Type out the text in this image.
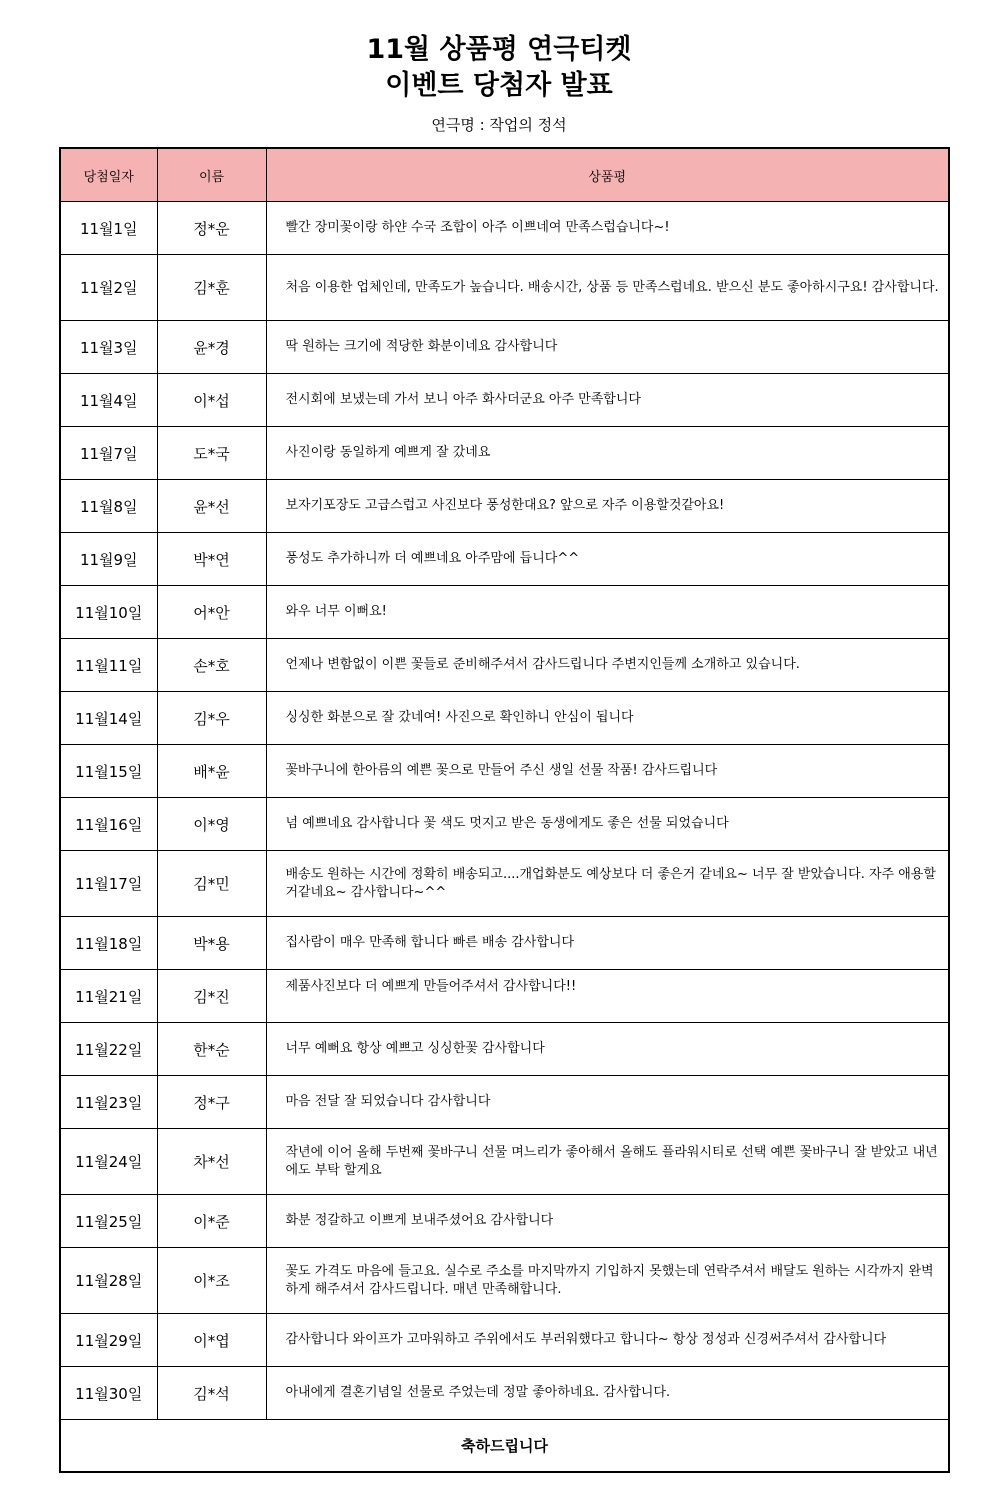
11월 상품평 연극티켓
이벤트 당첨자 발표
연극명 : 작업의 정석
당첨일자	이름	상품평
11월1일	정*운	빨간 장미꽃이랑 하얀 수국 조합이 아주 이쁘네여 만족스럽습니다~!
11월2일	김*훈	처음 이용한 업체인데, 만족도가 높습니다. 배송시간, 상품 등 만족스럽네요. 받으신 분도 좋아하시구요! 감사합니다.
11월3일	윤*경	딱 원하는 크기에 적당한 화분이네요 감사합니다
11월4일	이*섭	전시회에 보냈는데 가서 보니 아주 화사더군요 아주 만족합니다
11월7일	도*국	사진이랑 동일하게 예쁘게 잘 갔네요
11월8일	윤*선	보자기포장도 고급스럽고 사진보다 풍성한대요? 앞으로 자주 이용할것같아요!
11월9일	박*연	풍성도 추가하니까 더 예쁘네요 아주맘에 듭니다^^
11월10일	어*안	와우 너무 이뻐요!
11월11일	손*호	언제나 변함없이 이쁜 꽃들로 준비해주셔서 감사드립니다 주변지인들께 소개하고 있습니다.
11월14일	김*우	싱싱한 화분으로 잘 갔네여! 사진으로 확인하니 안심이 됩니다
11월15일	배*윤	꽃바구니에 한아름의 예쁜 꽃으로 만들어 주신 생일 선물 작품! 감사드립니다
11월16일	이*영	넘 예쁘네요 감사합니다 꽃 색도 멋지고 받은 동생에게도 좋은 선물 되었습니다
11월17일	김*민	배송도 원하는 시간에 정확히 배송되고....개업화분도 예상보다 더 좋은거 같네요~ 너무 잘 받았습니다. 자주 애용할거같네요~ 감사합니다~^^
11월18일	박*용	집사람이 매우 만족해 합니다 빠른 배송 감사합니다
11월21일	김*진	제품사진보다 더 예쁘게 만들어주셔서 감사합니다!!
11월22일	한*순	너무 예뻐요 항상 예쁘고 싱싱한꽃 감사합니다
11월23일	정*구	마음 전달 잘 되었습니다 감사합니다
11월24일	차*선	작년에 이어 올해 두번째 꽃바구니 선물 며느리가 좋아해서 올해도 플라워시티로 선택 예쁜 꽃바구니 잘 받았고 내년에도 부탁 할게요
11월25일	이*준	화분 정갈하고 이쁘게 보내주셨어요 감사합니다
11월28일	이*조	꽃도 가격도 마음에 들고요. 실수로 주소를 마지막까지 기입하지 못했는데 연락주셔서 배달도 원하는 시각까지 완벽하게 해주셔서 감사드립니다. 매년 만족해합니다.
11월29일	이*엽	감사합니다 와이프가 고마워하고 주위에서도 부러워했다고 합니다~ 항상 정성과 신경써주셔서 감사합니다
11월30일	김*석	아내에게 결혼기념일 선물로 주었는데 정말 좋아하네요. 감사합니다.
축하드립니다		
